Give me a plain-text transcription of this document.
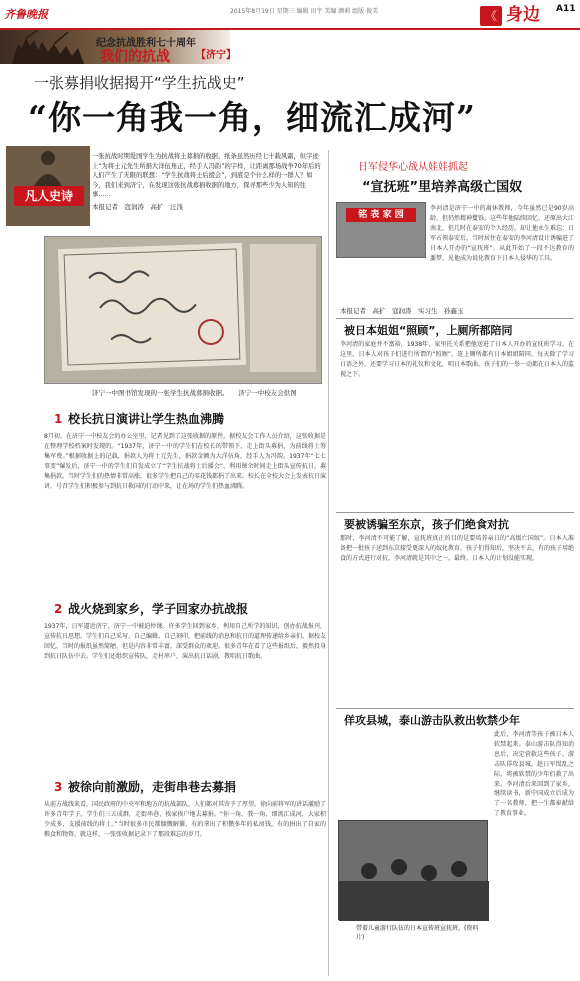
齐鲁晚报	2015年8月19日 星期三 编辑 田宇 美编 颜莉 组版 俊美	《 身边	A11
纪念抗战胜利七十周年
我们的抗战	【济宁】
一张募捐收据揭开“学生抗战史”
“你一角我一角，细流汇成河”
凡人史诗

一张抗战时期爱国学生为抗战将士募捐的收据，纸条虽然历经七十载风霜，但字迹上“为将士元先生所捐大洋伍角正，经手人冯韵”的字样，让距离那场战争70年后的人们产生了无限的联想：“学生抗战将士后援会”，到底是个什么样的一群人？如今，我们来到济宁，在发现这张抗战募捐收据的地方，探寻那些少为人知的往事……

本报记者　寇润涛　高扩　汪浅

济宁一中图书馆发现的一张学生抗战募捐收据。　　济宁一中校友会供图
1 校长抗日演讲让学生热血沸腾
8月初，在济宁一中校友会的办公室里，记者见到了这张收据的原件。据校友会工作人员介绍，这张收据是在整理学校档案时发现的。“1937年，济宁一中的学生们在校长的带领下，走上街头募捐，为前线将士筹集军费。”根据收据上的记载，捐款人为将士元先生，捐款金额为大洋伍角，经手人为冯韵。1937年“七七事变”爆发后，济宁一中的学生们自发成立了“学生抗战将士后援会”，利用课余时间走上街头宣传抗日，募集捐款。当时学生们的热情非常高涨，很多学生把自己的零花钱都捐了出来。校长在全校大会上发表抗日演讲，号召学生们积极参与到抗日救国的行动中来，让在场的学生们热血沸腾。
2 战火烧到家乡，学子回家办抗战报
1937年，日军逼近济宁，济宁一中被迫停课。许多学生回到家乡，利用自己所学的知识，创办抗战报刊，宣传抗日思想。学生们自己采写、自己编辑、自己刻印，把前线的消息和抗日的道理传递给乡亲们。据校友回忆，当时的报纸虽然简陋，但是内容非常丰富，深受群众的欢迎。很多青年在看了这些报纸后，毅然投身到抗日队伍中去。学生们还组织宣传队，走村串户，演出抗日话剧，教唱抗日歌曲。
3 被徐向前激励，走街串巷去募捐
从前方战线来看，国民政府的中央军和地方的抗战部队，人们都对其寄予了厚望。徐向前将军的讲话激励了许多青年学子。学生们三五成群，走街串巷，挨家挨户地去募捐。“你一角，我一角，细流汇成河，大家积少成多，支援前线的将士。”当时很多市民都慷慨解囊，有的拿出了积攒多年的私房钱，有的捐出了自家的粮食和物资。就这样，一张张收据记录下了那段难忘的岁月。
日军侵华心战从娃娃抓起
“宣抚班”里培养高级亡国奴
铭 表 家 园
李河清是济宁一中的离休教师，今年虽然已是90岁高龄，但仍然精神矍铄。这些年他陆续回忆、还原出大江南北、但几时在泰安的个人经历。却让他永生难忘：日军占领泰安后，当时居住在泰安的李河清设计诱骗进了日本人开办的“宣抚班”，从此开始了一段不达教育的噩梦，见他成为说化教育下日本人侵华的工具。
本报记者　高扩　寇润涛　实习生　孙鑫玉
被日本姐姐“照顾”，上厕所都陪同
李河清的家庭并不富裕，1938年，家里托关系把他送进了日本人开办的宣抚班学习。在这里，日本人对孩子们进行所谓的“照顾”，连上厕所都有日本姐姐陪同。每天除了学习日语之外，还要学习日本的礼仪和文化，唱日本歌曲，孩子们的一举一动都在日本人的监视之下。
要被诱骗至东京，孩子们绝食对抗
那时，李河清不可能了解，宣抚班真正的目的是要培养亲日的“高级亡国奴”。日本人准备把一批孩子送到东京接受更深入的奴化教育，孩子们得知后，坚决不去，有的孩子用绝食的方式进行对抗，李河清就是其中之一。最终，日本人的计划没能实现。
佯攻县城，泰山游击队救出软禁少年
此后，李河清等孩子被日本人软禁起来。泰山游击队得知消息后，决定营救这些孩子。游击队佯攻县城，趁日军慌乱之际，将被软禁的少年们救了出来。李河清后来回到了家乡，继续读书，新中国成立后成为了一名教师，把一生都奉献给了教育事业。
带着儿童游行队伍的日本宣传班宣抚班。(资料片)
